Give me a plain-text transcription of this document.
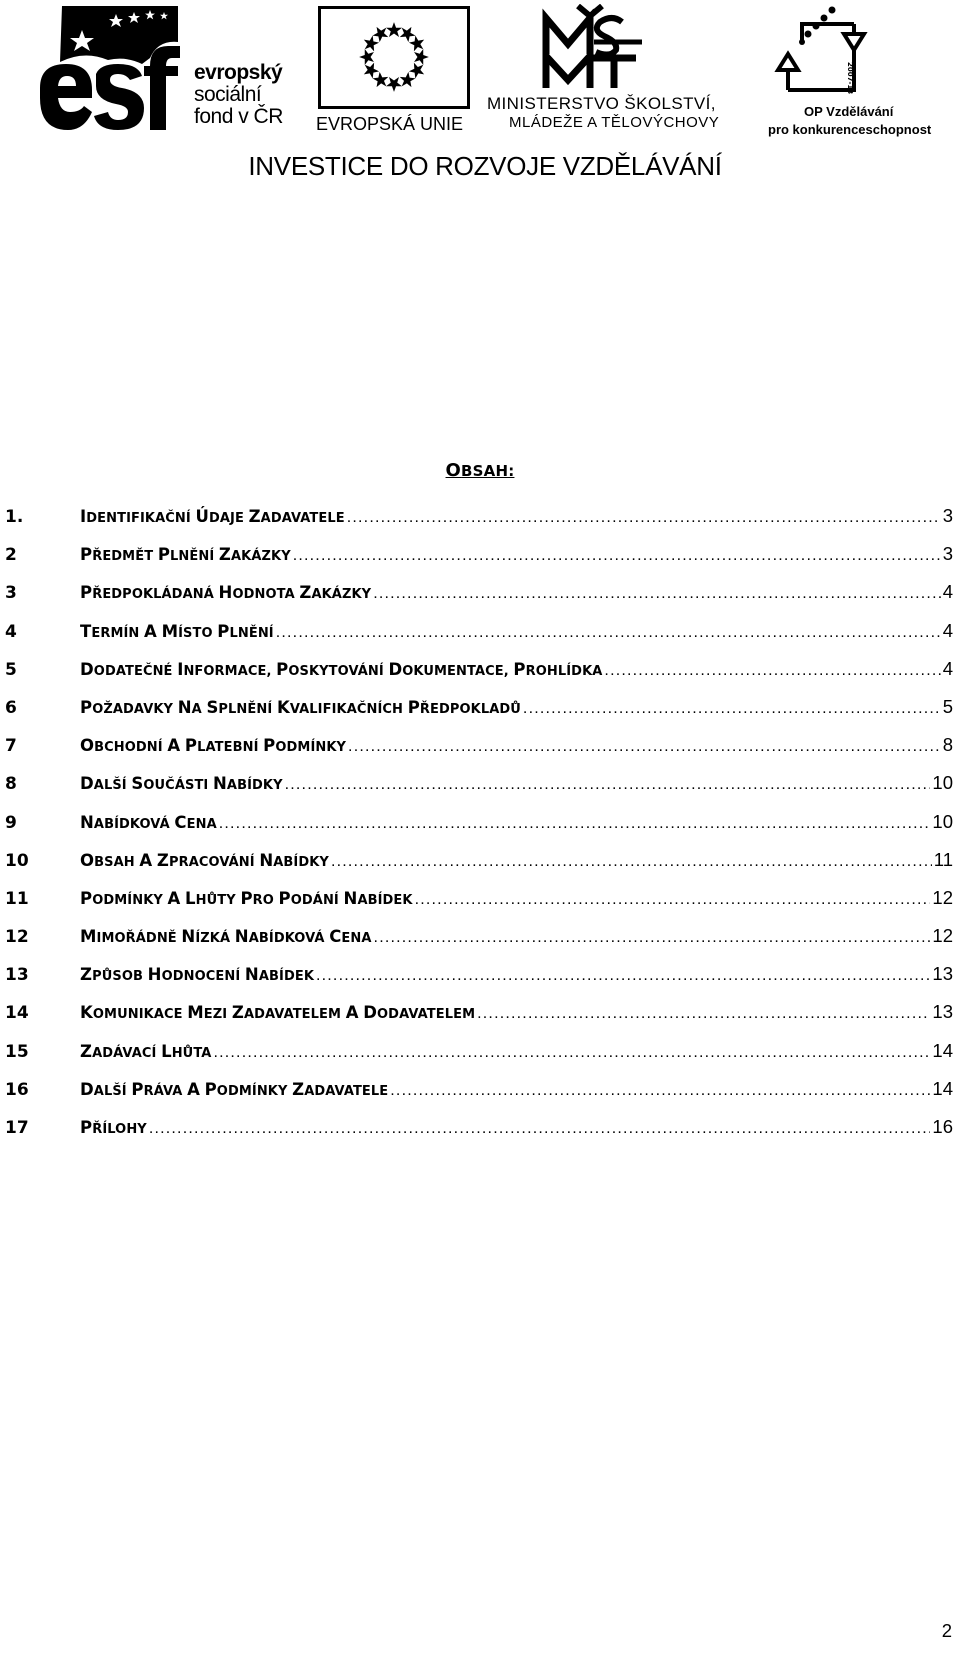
evropský
sociální
fond v ČR EVROPSKÁ UNIE
MINISTERSTVO ŠKOLSTVÍ,
MLÁDEŽE A TĚLOVÝCHOVY
2007-13
OP Vzdělávání
pro konkurenceschopnost
INVESTICE DO ROZVOJE VZDĚLÁVÁNÍ
OBSAH:
1.	IDENTIFIKAČNÍ ÚDAJE ZADAVATELE .....	3
2	PŘEDMĚT PLNĚNÍ ZAKÁZKY .....	3
3	PŘEDPOKLÁDANÁ HODNOTA ZAKÁZKY .....	4
4	TERMÍN A MÍSTO PLNĚNÍ .....	4
5	DODATEČNÉ INFORMACE, POSKYTOVÁNÍ DOKUMENTACE, PROHLÍDKA .....	4
6	POŽADAVKY NA SPLNĚNÍ KVALIFIKAČNÍCH PŘEDPOKLADŮ .....	5
7	OBCHODNÍ A PLATEBNÍ PODMÍNKY .....	8
8	DALŠÍ SOUČÁSTI NABÍDKY .....	10
9	NABÍDKOVÁ CENA .....	10
10	OBSAH A ZPRACOVÁNÍ NABÍDKY .....	11
11	PODMÍNKY A LHŮTY PRO PODÁNÍ NABÍDEK .....	12
12	MIMOŘÁDNĚ NÍZKÁ NABÍDKOVÁ CENA .....	12
13	ZPŮSOB HODNOCENÍ NABÍDEK .....	13
14	KOMUNIKACE MEZI ZADAVATELEM A DODAVATELEM .....	13
15	ZADÁVACÍ LHŮTA .....	14
16	DALŠÍ PRÁVA A PODMÍNKY ZADAVATELE .....	14
17	PŘÍLOHY .....	16
2
